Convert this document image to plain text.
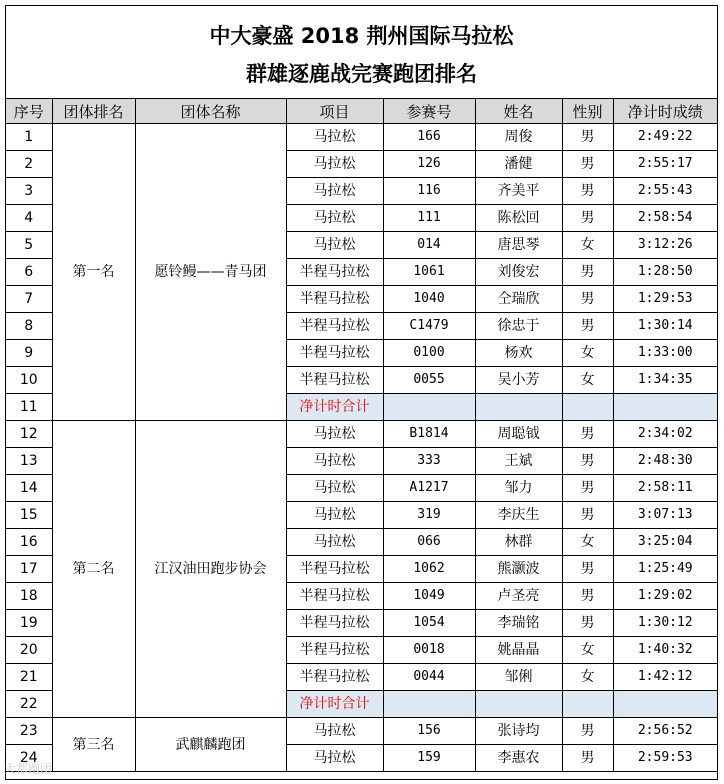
中大豪盛 2018 荆州国际马拉松
群雄逐鹿战完赛跑团排名
序号	团体排名	团体名称	项目	参赛号	姓名	性别	净计时成绩	
1	第一名	愿铃鳗——青马团	马拉松	166	周俊	男	2:49:22	
2			马拉松	126	潘健	男	2:55:17	
3			马拉松	116	齐美平	男	2:55:43	
4			马拉松	111	陈松回	男	2:58:54	
5			马拉松	014	唐思琴	女	3:12:26	
6			半程马拉松	1061	刘俊宏	男	1:28:50	
7			半程马拉松	1040	仝瑞欣	男	1:29:53	
8			半程马拉松	C1479	徐忠于	男	1:30:14	
9			半程马拉松	0100	杨欢	女	1:33:00	
10			半程马拉松	0055	吴小芳	女	1:34:35	
11			净计时合计					
12	第二名	江汉油田跑步协会	马拉松	B1814	周聪钺	男	2:34:02	
13			马拉松	333	王斌	男	2:48:30	
14			马拉松	A1217	邹力	男	2:58:11	
15			马拉松	319	李庆生	男	3:07:13	
16			马拉松	066	林群	女	3:25:04	
17			半程马拉松	1062	熊灏波	男	1:25:49	
18			半程马拉松	1049	卢圣亮	男	1:29:02	
19			半程马拉松	1054	李瑞铭	男	1:30:12	
20			半程马拉松	0018	姚晶晶	女	1:40:32	
21			半程马拉松	0044	邹俐	女	1:42:12	
22			净计时合计					
23	第三名	武麒麟跑团	马拉松	156	张诗均	男	2:56:52	
24			马拉松	159	李惠农	男	2:59:53	
大都跑团
